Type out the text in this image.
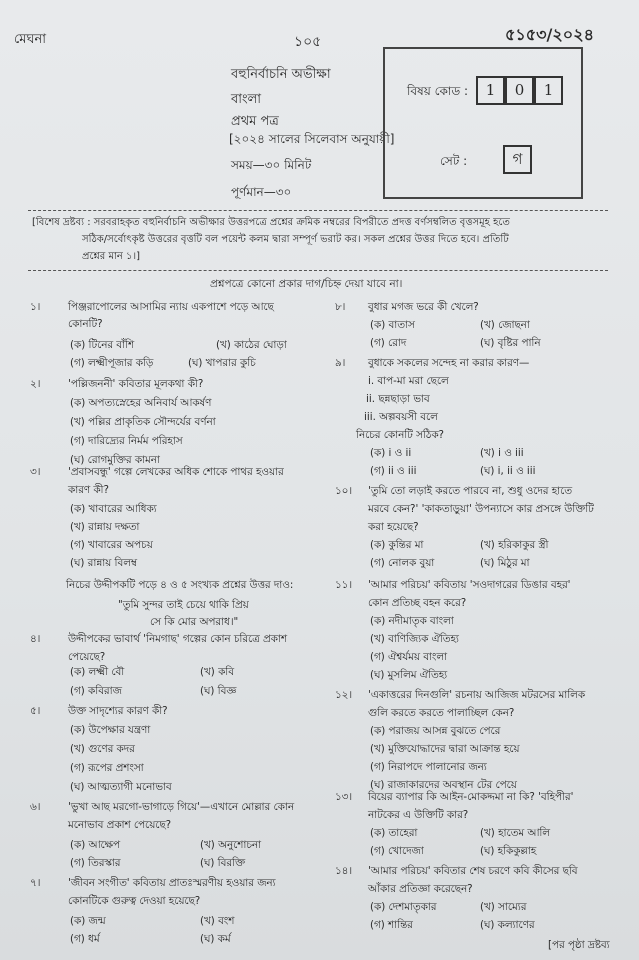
মেঘনা	১০৫	৫১৫৩/২০২৪
বহুনির্বাচনি অভীক্ষা
বাংলা
প্রথম পত্র
[২০২৪ সালের সিলেবাস অনুযায়ী]
সময়—৩০ মিনিট
পূর্ণমান—৩০
বিষয় কোড :	1	0	1
সেট :	গ
[বিশেষ দ্রষ্টব্য : সরবরাহকৃত বহুনির্বাচনি অভীক্ষার উত্তরপত্রে প্রশ্নের ক্রমিক নম্বরের বিপরীতে প্রদত্ত বর্ণসম্বলিত বৃত্তসমূহ হতে
সঠিক/সর্বোৎকৃষ্ট উত্তরের বৃত্তটি বল পয়েন্ট কলম দ্বারা সম্পূর্ণ ভরাট কর। সকল প্রশ্নের উত্তর দিতে হবে। প্রতিটি
প্রশ্নের মান ১।]
প্রশ্নপত্রে কোনো প্রকার দাগ/চিহ্ন দেয়া যাবে না।
১।	পিঞ্জরাপোলের আসামির ন্যায় একপাশে পড়ে আছে
কোনটি?
(ক) টিনের বাঁশি	(খ) কাঠের ঘোড়া
(গ) লক্ষ্মীপূজার কড়ি	(ঘ) খাপরার কুচি
২।	'পল্লিজননী' কবিতার মূলকথা কী?
(ক) অপত্যস্নেহের অনিবার্য আকর্ষণ
(খ) পল্লির প্রাকৃতিক সৌন্দর্যের বর্ণনা
(গ) দারিদ্র্যের নির্মম পরিহাস
(ঘ) রোগমুক্তির কামনা
৩।	'প্রবাসবন্ধু' গল্পে লেখকের অধিক শোকে পাথর হওয়ার
কারণ কী?
(ক) খাবারের আধিক্য
(খ) রান্নায় দক্ষতা
(গ) খাবারের অপচয়
(ঘ) রান্নায় বিলম্ব
নিচের উদ্দীপকটি পড়ে ৪ ও ৫ সংখ্যক প্রশ্নের উত্তর দাও:
"তুমি সুন্দর তাই চেয়ে থাকি প্রিয়
সে কি মোর অপরাধ।"
৪।	উদ্দীপকের ভাবার্থ 'নিমগাছ' গল্পের কোন চরিত্রে প্রকাশ
পেয়েছে?
(ক) লক্ষ্মী বৌ	(খ) কবি
(গ) কবিরাজ	(ঘ) বিজ্ঞ
৫।	উক্ত সাদৃশ্যের কারণ কী?
(ক) উপেক্ষার যন্ত্রণা
(খ) গুণের কদর
(গ) রূপের প্রশংসা
(ঘ) আত্মত্যাগী মনোভাব
৬।	'ভুখা আছ মরগো-ভাগাড়ে গিয়ে'—এখানে মোল্লার কোন
মনোভাব প্রকাশ পেয়েছে?
(ক) আক্ষেপ	(খ) অনুশোচনা
(গ) তিরস্কার	(ঘ) বিরক্তি
৭।	'জীবন সংগীত' কবিতায় প্রাতঃস্মরণীয় হওয়ার জন্য
কোনটিকে গুরুত্ব দেওয়া হয়েছে?
(ক) জন্ম	(খ) বংশ
(গ) ধর্ম	(ঘ) কর্ম
৮। বুধার মগজ ভরে কী খেলে?
(ক) বাতাস	(খ) জোছনা
(গ) রোদ	(ঘ) বৃষ্টির পানি
৯। বুধাকে সকলের সন্দেহ না করার কারণ—
i. বাপ-মা মরা ছেলে
ii. ছন্নছাড়া ভাব
iii. অল্পবয়সী বলে
নিচের কোনটি সঠিক?
(ক) i ও ii	(খ) i ও iii
(গ) ii ও iii	(ঘ) i, ii ও iii
১০। 'তুমি তো লড়াই করতে পারবে না, শুধু ওদের হাতে
মরবে কেন?' 'কাকতাড়ুয়া' উপন্যাসে কার প্রসঙ্গে উক্তিটি
করা হয়েছে?
(ক) কুন্তির মা	(খ) হরিকাকুর স্ত্রী
(গ) নোলক বুয়া	(ঘ) মিঠুর মা
১১। 'আমার পরিচয়' কবিতায় 'সওদাগরের ডিঙার বহর'
কোন প্রতিচ্ছ বহন করে?
(ক) নদীমাতৃক বাংলা
(খ) বাণিজ্যিক ঐতিহ্য
(গ) ঐশ্বর্যময় বাংলা
(ঘ) মুসলিম ঐতিহ্য
১২। 'একাত্তরের দিনগুলি' রচনায় আজিজ মটরসের মালিক
গুলি করতে করতে পালাচ্ছিল কেন?
(ক) পরাজয় আসন্ন বুঝতে পেরে
(খ) মুক্তিযোদ্ধাদের দ্বারা আক্রান্ত হয়ে
(গ) নিরাপদে পালানোর জন্য
(ঘ) রাজাকারদের অবস্থান টের পেয়ে
১৩। বিয়ের ব্যাপার কি আইন-মোকদ্দমা না কি? 'বহিপীর'
নাটকের এ উক্তিটি কার?
(ক) তাহেরা	(খ) হাতেম আলি
(গ) খোদেজা	(ঘ) হকিকুল্লাহ
১৪। 'আমার পরিচয়' কবিতার শেষ চরণে কবি কীসের ছবি
আঁকার প্রতিজ্ঞা করেছেন?
(ক) দেশমাতৃকার	(খ) সাম্যের
(গ) শান্তির	(ঘ) কল্যাণের
[পর পৃষ্ঠা দ্রষ্টব্য
